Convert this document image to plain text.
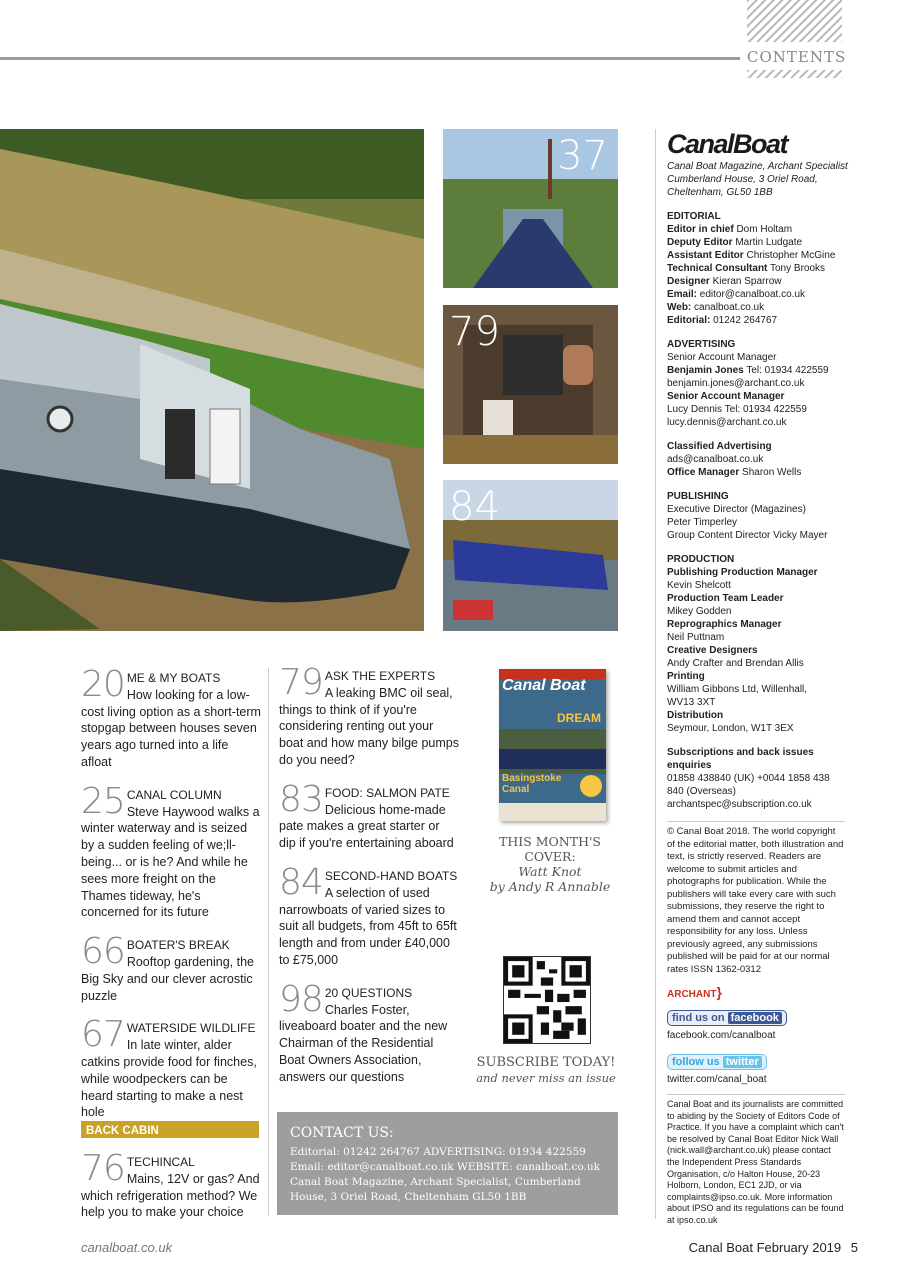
CONTENTS
37
79
84
20 ME & MY BOATS
How looking for a low-cost living option as a short-term stopgap between houses seven years ago turned into a life afloat
25 CANAL COLUMN
Steve Haywood walks a winter waterway and is seized by a sudden feeling of we;ll-being... or is he? And while he sees more freight on the Thames tideway, he's concerned for its future
66 BOATER'S BREAK
Rooftop gardening, the Big Sky and our clever acrostic puzzle
67 WATERSIDE WILDLIFE
In late winter, alder catkins provide food for finches, while woodpeckers can be heard starting to make a nest hole
BACK CABIN
76 TECHINCAL
Mains, 12V or gas? And which refrigeration method? We help you to make your choice
79 ASK THE EXPERTS
A leaking BMC oil seal, things to think of if you're considering renting out your boat and how many bilge pumps do you need?
83 FOOD: SALMON PATE
Delicious home-made pate makes a great starter or dip if you're entertaining aboard
84 SECOND-HAND BOATS
A selection of used narrowboats of varied sizes to suit all budgets, from 45ft to 65ft length and from under £40,000 to £75,000
98 20 QUESTIONS
Charles Foster, liveaboard boater and the new Chairman of the Residential Boat Owners Association, answers our questions
Canal Boat
DREAM
Basingstoke Canal
THIS MONTH'S
COVER:
Watt Knot
by Andy R Annable
SUBSCRIBE TODAY!
and never miss an issue
CONTACT US:
Editorial: 01242 264767 ADVERTISING: 01934 422559
Email: editor@canalboat.co.uk WEBSITE: canalboat.co.uk
Canal Boat Magazine, Archant Specialist, Cumberland
House, 3 Oriel Road, Cheltenham GL50 1BB
CanalBoat
Canal Boat Magazine, Archant Specialist
Cumberland House, 3 Oriel Road,
Cheltenham, GL50 1BB
EDITORIAL
Editor in chief Dom Holtam
Deputy Editor Martin Ludgate
Assistant Editor Christopher McGine
Technical Consultant Tony Brooks
Designer Kieran Sparrow
Email: editor@canalboat.co.uk
Web: canalboat.co.uk
Editorial: 01242 264767
ADVERTISING
Senior Account Manager
Benjamin Jones Tel: 01934 422559
benjamin.jones@archant.co.uk
Senior Account Manager
Lucy Dennis Tel: 01934 422559
lucy.dennis@archant.co.uk
Classified Advertising
ads@canalboat.co.uk
Office Manager Sharon Wells
PUBLISHING
Executive Director (Magazines)
Peter Timperley
Group Content Director Vicky Mayer
PRODUCTION
Publishing Production Manager
Kevin Shelcott
Production Team Leader
Mikey Godden
Reprographics Manager
Neil Puttnam
Creative Designers
Andy Crafter and Brendan Allis
Printing
William Gibbons Ltd, Willenhall,
WV13 3XT
Distribution
Seymour, London, W1T 3EX
Subscriptions and back issues enquiries
01858 438840 (UK) +0044 1858 438
840 (Overseas)
archantspec@subscription.co.uk
© Canal Boat 2018. The world copyright of the editorial matter, both illustration and text, is strictly reserved. Readers are welcome to submit articles and photographs for publication. While the publishers will take every care with such submissions, they reserve the right to amend them and cannot accept responsibility for any loss. Unless previously agreed, any submissions published will be paid for at our normal rates ISSN 1362-0312
ARCHANT}
find us on facebook
facebook.com/canalboat
follow us twitter
twitter.com/canal_boat
Canal Boat and its journalists are committed to abiding by the Society of Editors Code of Practice. If you have a complaint which can't be resolved by Canal Boat Editor Nick Wall (nick.wall@archant.co.uk) please contact the Independent Press Standards Organisation, c/o Halton House, 20-23 Holborn, London, EC1 2JD, or via complaints@ipso.co.uk. More information about IPSO and its regulations can be found at ipso.co.uk
canalboat.co.uk	Canal Boat February 2019 5
